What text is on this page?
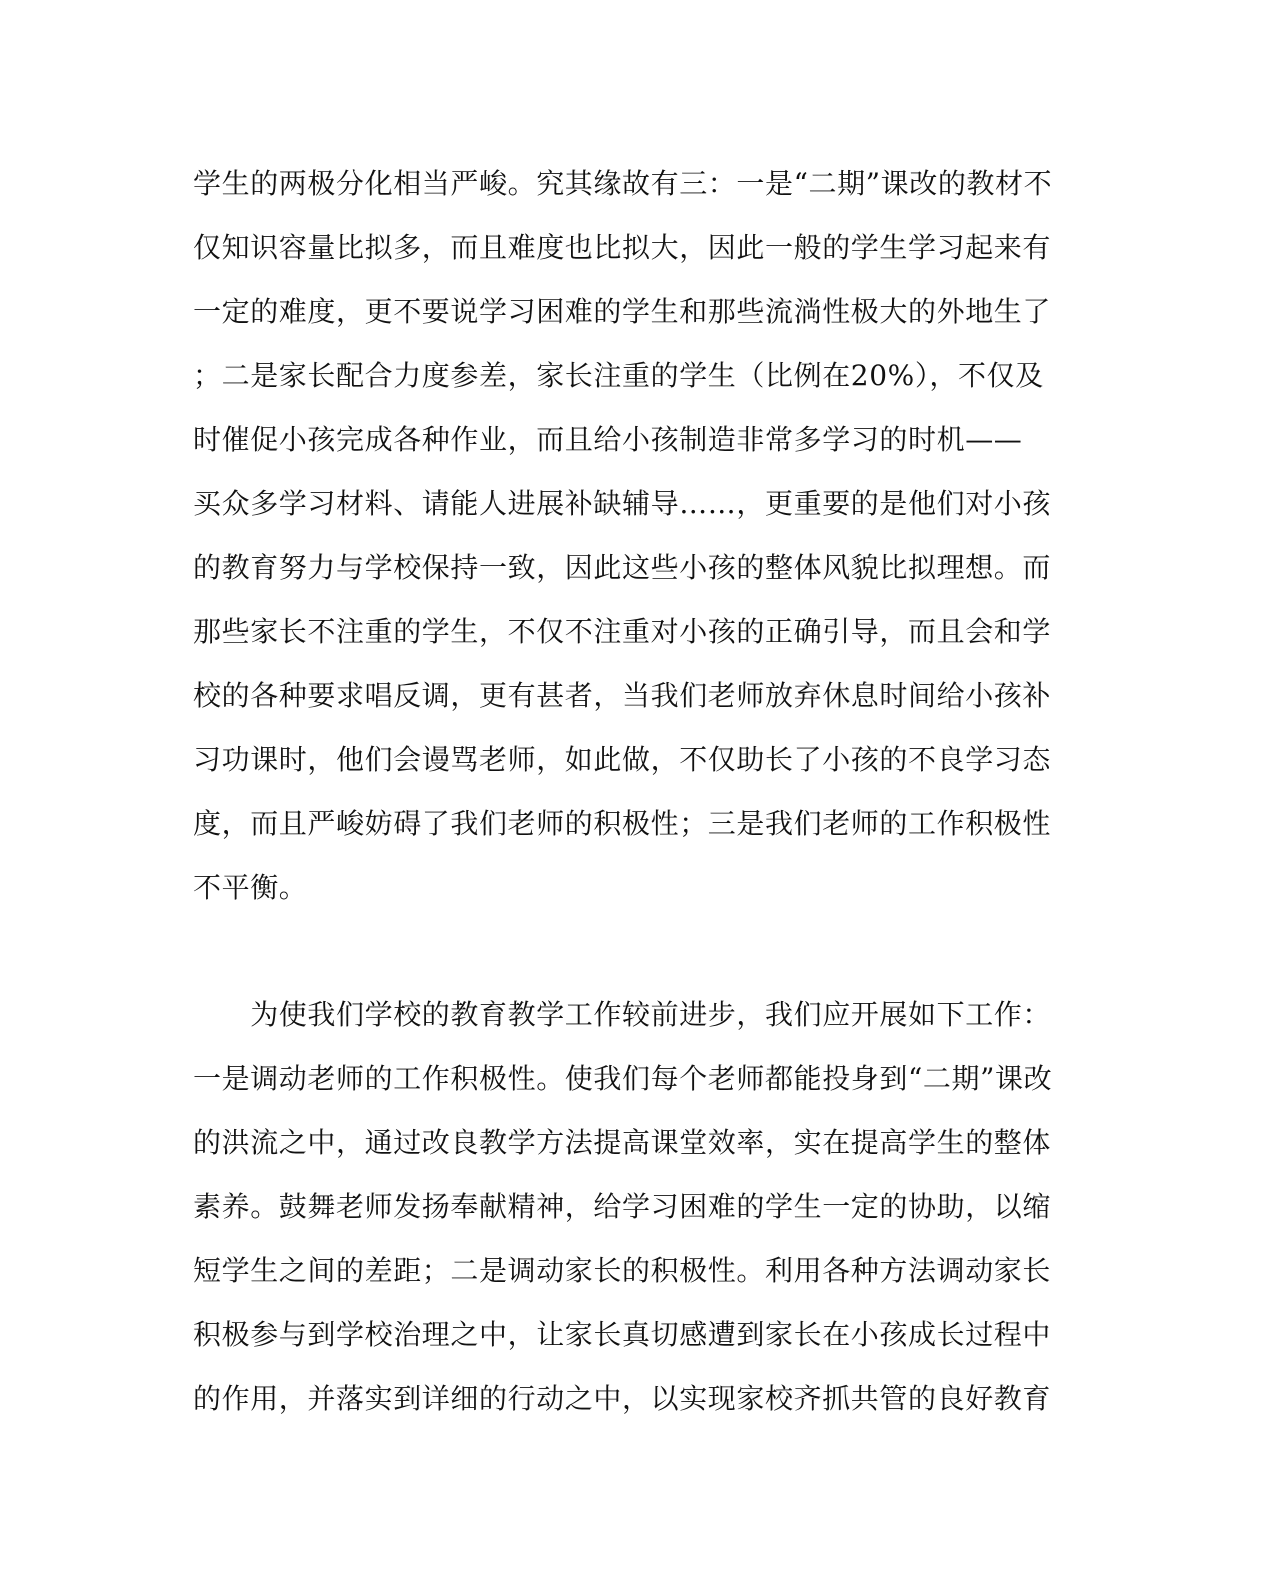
学生的两极分化相当严峻。究其缘故有三：一是“二期”课改的教材不
仅知识容量比拟多，而且难度也比拟大，因此一般的学生学习起来有
一定的难度，更不要说学习困难的学生和那些流淌性极大的外地生了
；二是家长配合力度参差，家长注重的学生（比例在20%），不仅及
时催促小孩完成各种作业，而且给小孩制造非常多学习的时机——
买众多学习材料、请能人进展补缺辅导……，更重要的是他们对小孩
的教育努力与学校保持一致，因此这些小孩的整体风貌比拟理想。而
那些家长不注重的学生，不仅不注重对小孩的正确引导，而且会和学
校的各种要求唱反调，更有甚者，当我们老师放弃休息时间给小孩补
习功课时，他们会谩骂老师，如此做，不仅助长了小孩的不良学习态
度，而且严峻妨碍了我们老师的积极性；三是我们老师的工作积极性
不平衡。
　　为使我们学校的教育教学工作较前进步，我们应开展如下工作：
一是调动老师的工作积极性。使我们每个老师都能投身到“二期”课改
的洪流之中，通过改良教学方法提高课堂效率，实在提高学生的整体
素养。鼓舞老师发扬奉献精神，给学习困难的学生一定的协助，以缩
短学生之间的差距；二是调动家长的积极性。利用各种方法调动家长
积极参与到学校治理之中，让家长真切感遭到家长在小孩成长过程中
的作用，并落实到详细的行动之中，以实现家校齐抓共管的良好教育
